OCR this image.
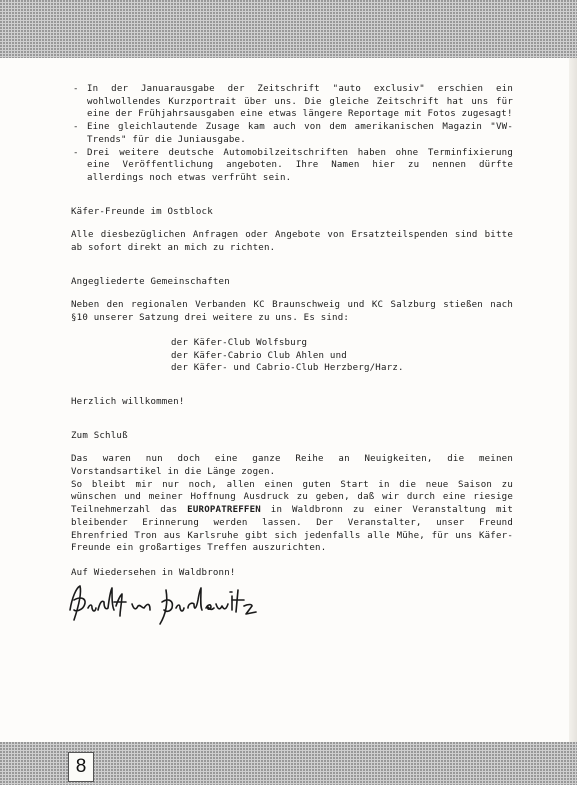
- In der Januarausgabe der Zeitschrift "auto exclusiv" erschien ein wohlwollendes Kurzportrait über uns. Die gleiche Zeitschrift hat uns für eine der Frühjahrsausgaben eine etwas längere Reportage mit Fotos zugesagt!
- Eine gleichlautende Zusage kam auch von dem amerikanischen Magazin "VW-Trends" für die Juniausgabe.
- Drei weitere deutsche Automobilzeitschriften haben ohne Terminfixierung eine Veröffentlichung angeboten. Ihre Namen hier zu nennen dürfte allerdings noch etwas verfrüht sein.

Käfer-Freunde im Ostblock

Alle diesbezüglichen Anfragen oder Angebote von Ersatzteilspenden sind bitte ab sofort direkt an mich zu richten.

Angegliederte Gemeinschaften

Neben den regionalen Verbanden KC Braunschweig und KC Salzburg stießen nach §10 unserer Satzung drei weitere zu uns. Es sind:

der Käfer-Club Wolfsburg
der Käfer-Cabrio Club Ahlen und
der Käfer- und Cabrio-Club Herzberg/Harz.

Herzlich willkommen!

Zum Schluß

Das waren nun doch eine ganze Reihe an Neuigkeiten, die meinen Vorstandsartikel in die Länge zogen.

So bleibt mir nur noch, allen einen guten Start in die neue Saison zu wünschen und meiner Hoffnung Ausdruck zu geben, daß wir durch eine riesige Teilnehmerzahl das EUROPATREFFEN in Waldbronn zu einer Veranstaltung mit bleibender Erinnerung werden lassen. Der Veranstalter, unser Freund Ehrenfried Tron aus Karlsruhe gibt sich jedenfalls alle Mühe, für uns Käfer-Freunde ein großartiges Treffen auszurichten.

Auf Wiedersehen in Waldbronn!

8
